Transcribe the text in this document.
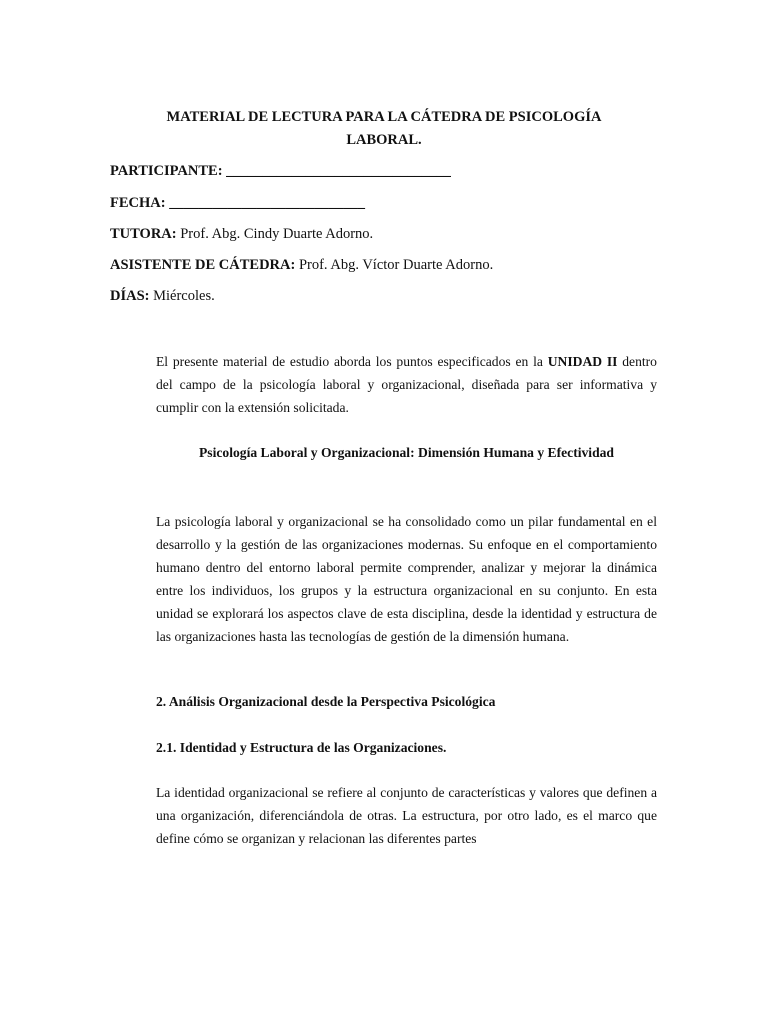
MATERIAL DE LECTURA PARA LA CÁTEDRA DE PSICOLOGÍA
LABORAL.
PARTICIPANTE: _______________________________
FECHA: ___________________________
TUTORA: Prof. Abg. Cindy Duarte Adorno.
ASISTENTE DE CÁTEDRA: Prof. Abg. Víctor Duarte Adorno.
DÍAS: Miércoles.
El presente material de estudio aborda los puntos especificados en la UNIDAD II dentro del campo de la psicología laboral y organizacional, diseñada para ser informativa y cumplir con la extensión solicitada.
Psicología Laboral y Organizacional: Dimensión Humana y Efectividad
La psicología laboral y organizacional se ha consolidado como un pilar fundamental en el desarrollo y la gestión de las organizaciones modernas. Su enfoque en el comportamiento humano dentro del entorno laboral permite comprender, analizar y mejorar la dinámica entre los individuos, los grupos y la estructura organizacional en su conjunto. En esta unidad se explorará los aspectos clave de esta disciplina, desde la identidad y estructura de las organizaciones hasta las tecnologías de gestión de la dimensión humana.
2. Análisis Organizacional desde la Perspectiva Psicológica
2.1. Identidad y Estructura de las Organizaciones.
La identidad organizacional se refiere al conjunto de características y valores que definen a una organización, diferenciándola de otras. La estructura, por otro lado, es el marco que define cómo se organizan y relacionan las diferentes partes
